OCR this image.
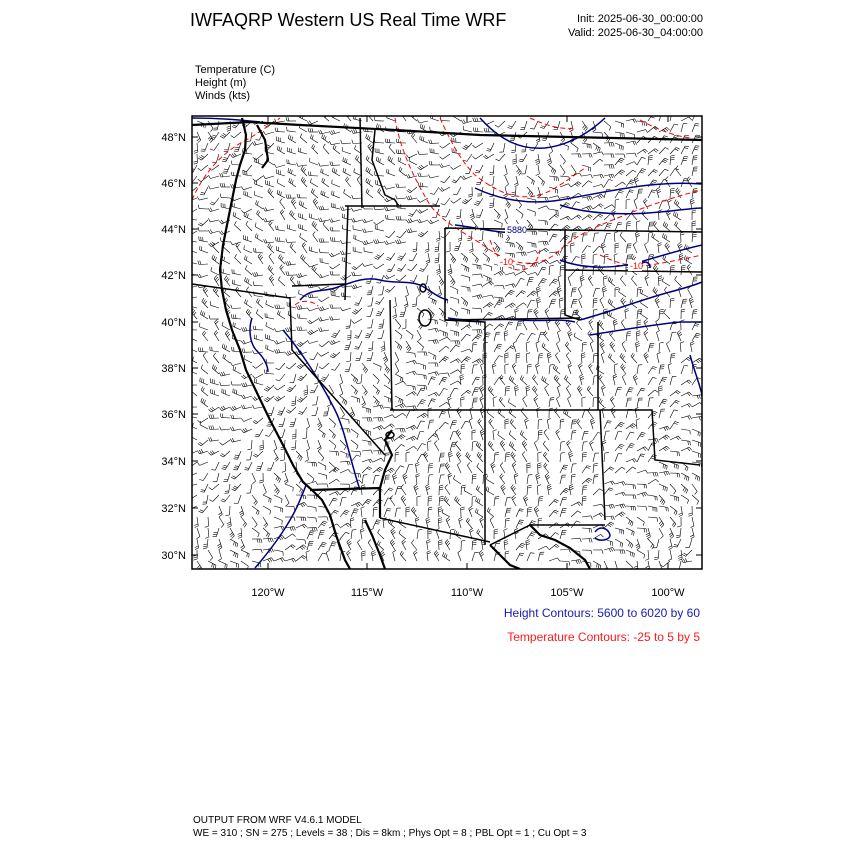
IWFAQRP Western US Real Time WRF	Init: 2025-06-30_00:00:00
Valid: 2025-06-30_04:00:00
Temperature (C)
Height (m)
Winds (kts)
48°N
46°N
44°N
42°N
40°N
38°N
36°N
34°N
32°N
30°N
120°W	115°W	110°W	105°W	100°W
5880
-10	-10
Height Contours: 5600 to 6020 by 60
Temperature Contours: -25 to 5 by 5
OUTPUT FROM WRF V4.6.1 MODEL
WE = 310 ; SN = 275 ; Levels = 38 ; Dis = 8km ; Phys Opt = 8 ; PBL Opt = 1 ; Cu Opt = 3
